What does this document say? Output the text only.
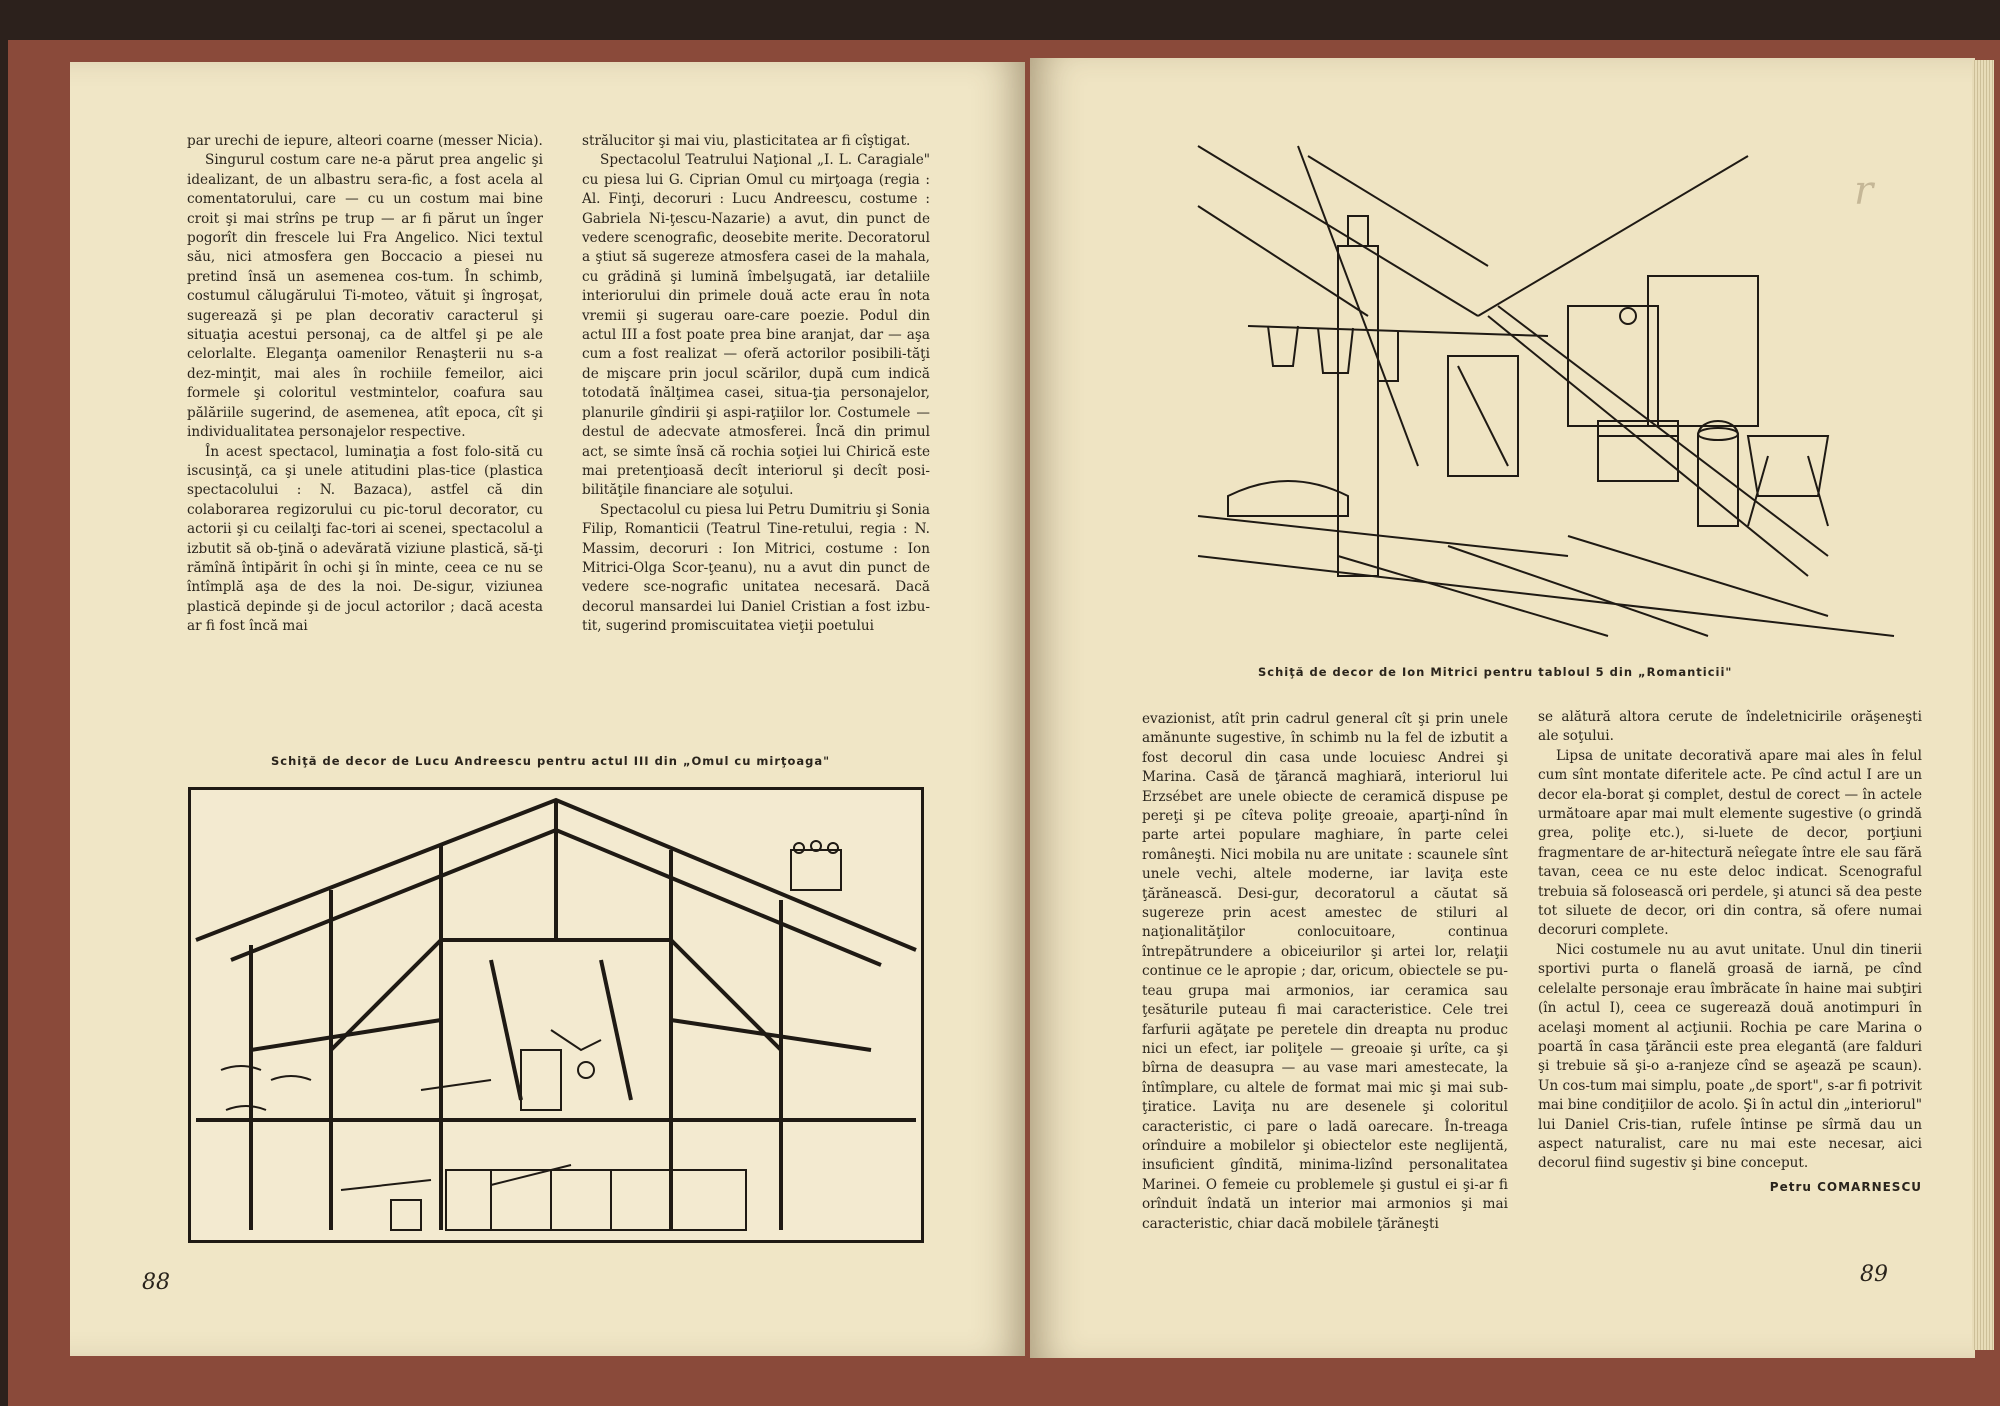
par urechi de iepure, alteori coarne (messer Nicia).

Singurul costum care ne-a părut prea angelic şi idealizant, de un albastru sera-fic, a fost acela al comentatorului, care — cu un costum mai bine croit şi mai strîns pe trup — ar fi părut un înger pogorît din frescele lui Fra Angelico. Nici textul său, nici atmosfera gen Boccacio a piesei nu pretind însă un asemenea cos-tum. În schimb, costumul călugărului Ti-moteo, vătuit şi îngroşat, sugerează şi pe plan decorativ caracterul şi situaţia acestui personaj, ca de altfel şi pe ale celorlalte. Eleganţa oamenilor Renaşterii nu s-a dez-minţit, mai ales în rochiile femeilor, aici formele şi coloritul vestmintelor, coafura sau pălăriile sugerind, de asemenea, atît epoca, cît şi individualitatea personajelor respective.

În acest spectacol, luminaţia a fost folo-sită cu iscusinţă, ca şi unele atitudini plas-tice (plastica spectacolului : N. Bazaca), astfel că din colaborarea regizorului cu pic-torul decorator, cu actorii şi cu ceilalţi fac-tori ai scenei, spectacolul a izbutit să ob-ţină o adevărată viziune plastică, să-ţi rămînă întipărit în ochi şi în minte, ceea ce nu se întîmplă aşa de des la noi. De-sigur, viziunea plastică depinde şi de jocul actorilor ; dacă acesta ar fi fost încă mai

strălucitor şi mai viu, plasticitatea ar fi cîştigat.

Spectacolul Teatrului Naţional „I. L. Caragiale" cu piesa lui G. Ciprian Omul cu mirţoaga (regia : Al. Finţi, decoruri : Lucu Andreescu, costume : Gabriela Ni-ţescu-Nazarie) a avut, din punct de vedere scenografic, deosebite merite. Decoratorul a ştiut să sugereze atmosfera casei de la mahala, cu grădină şi lumină îmbelşugată, iar detaliile interiorului din primele două acte erau în nota vremii şi sugerau oare-care poezie. Podul din actul III a fost poate prea bine aranjat, dar — aşa cum a fost realizat — oferă actorilor posibili-tăţi de mişcare prin jocul scărilor, după cum indică totodată înălţimea casei, situa-ţia personajelor, planurile gîndirii şi aspi-raţiilor lor. Costumele — destul de adecvate atmosferei. Încă din primul act, se simte însă că rochia soţiei lui Chirică este mai pretenţioasă decît interiorul şi decît posi-bilităţile financiare ale soţului.

Spectacolul cu piesa lui Petru Dumitriu şi Sonia Filip, Romanticii (Teatrul Tine-retului, regia : N. Massim, decoruri : Ion Mitrici, costume : Ion Mitrici-Olga Scor-ţeanu), nu a avut din punct de vedere sce-nografic unitatea necesară. Dacă decorul mansardei lui Daniel Cristian a fost izbu-tit, sugerind promiscuitatea vieţii poetului

Schiţă de decor de Lucu Andreescu pentru actul III din „Omul cu mirţoaga"
88
r
Schiţă de decor de Ion Mitrici pentru tabloul 5 din „Romanticii"

evazionist, atît prin cadrul general cît şi prin unele amănunte sugestive, în schimb nu la fel de izbutit a fost decorul din casa unde locuiesc Andrei şi Marina. Casă de ţărancă maghiară, interiorul lui Erzsébet are unele obiecte de ceramică dispuse pe pereţi şi pe cîteva poliţe greoaie, aparţi-nînd în parte artei populare maghiare, în parte celei româneşti. Nici mobila nu are unitate : scaunele sînt unele vechi, altele moderne, iar laviţa este ţărănească. Desi-gur, decoratorul a căutat să sugereze prin acest amestec de stiluri al naţionalităţilor conlocuitoare, continua întrepătrundere a obiceiurilor şi artei lor, relaţii continue ce le apropie ; dar, oricum, obiectele se pu-teau grupa mai armonios, iar ceramica sau ţesăturile puteau fi mai caracteristice. Cele trei farfurii agăţate pe peretele din dreapta nu produc nici un efect, iar poliţele — greoaie şi urîte, ca şi bîrna de deasupra — au vase mari amestecate, la întîmplare, cu altele de format mai mic şi mai sub-ţiratice. Laviţa nu are desenele şi coloritul caracteristic, ci pare o ladă oarecare. În-treaga orînduire a mobilelor şi obiectelor este neglijentă, insuficient gîndită, minima-lizînd personalitatea Marinei. O femeie cu problemele şi gustul ei şi-ar fi orînduit îndată un interior mai armonios şi mai caracteristic, chiar dacă mobilele ţărăneşti

se alătură altora cerute de îndeletnicirile orăşeneşti ale soţului.

Lipsa de unitate decorativă apare mai ales în felul cum sînt montate diferitele acte. Pe cînd actul I are un decor ela-borat şi complet, destul de corect — în actele următoare apar mai mult elemente sugestive (o grindă grea, poliţe etc.), si-luete de decor, porţiuni fragmentare de ar-hitectură neîegate între ele sau fără tavan, ceea ce nu este deloc indicat. Scenograful trebuia să folosească ori perdele, şi atunci să dea peste tot siluete de decor, ori din contra, să ofere numai decoruri complete.

Nici costumele nu au avut unitate. Unul din tinerii sportivi purta o flanelă groasă de iarnă, pe cînd celelalte personaje erau îmbrăcate în haine mai subţiri (în actul I), ceea ce sugerează două anotimpuri în acelaşi moment al acţiunii. Rochia pe care Marina o poartă în casa ţărăncii este prea elegantă (are falduri şi trebuie să şi-o a-ranjeze cînd se aşează pe scaun). Un cos-tum mai simplu, poate „de sport", s-ar fi potrivit mai bine condiţiilor de acolo. Şi în actul din „interiorul" lui Daniel Cris-tian, rufele întinse pe sîrmă dau un aspect naturalist, care nu mai este necesar, aici decorul fiind sugestiv şi bine conceput.

Petru COMARNESCU
89
